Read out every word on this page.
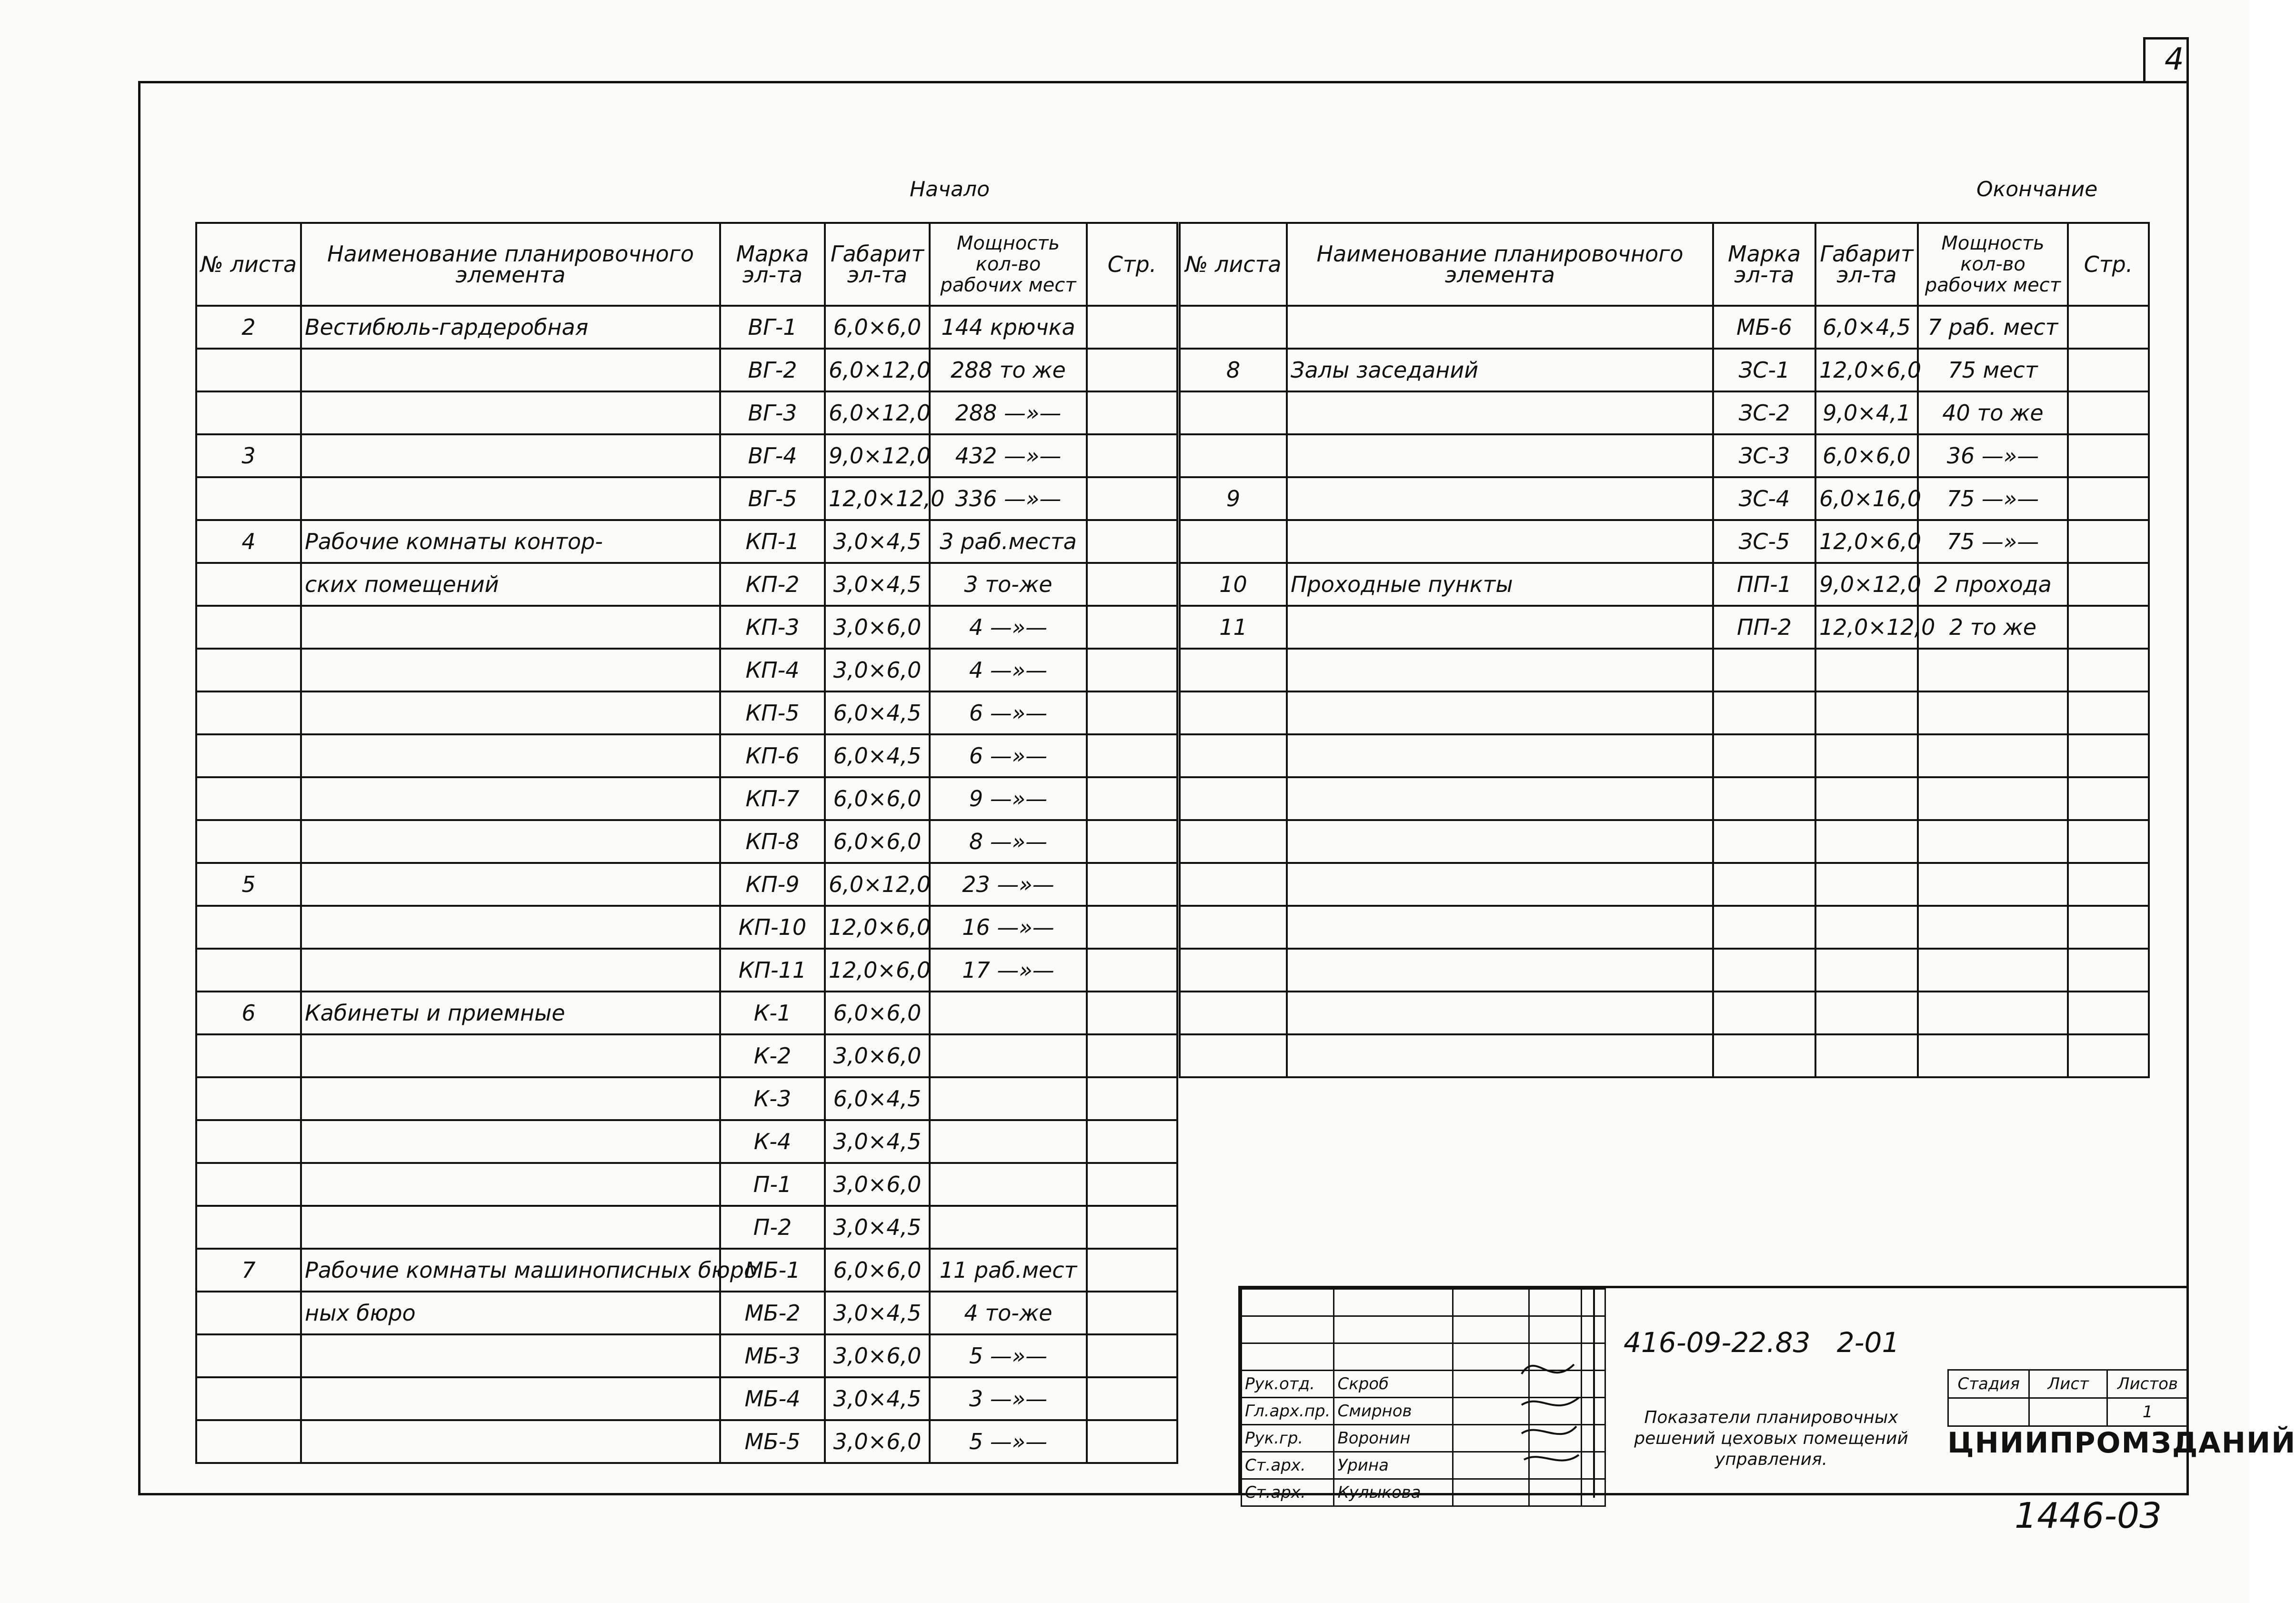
4
Начало	Окончание
№ листа	Наименование планировочного элемента	Марка эл-та	Габарит эл-та	Мощность кол-во рабочих мест	Стр.
2	Вестибюль-гардеробная	ВГ-1	6,0×6,0	144 крючка	
		ВГ-2	6,0×12,0	288 то же	
		ВГ-3	6,0×12,0	288 —»—	
3		ВГ-4	9,0×12,0	432 —»—	
		ВГ-5	12,0×12,0	336 —»—	
4	Рабочие комнаты контор-	КП-1	3,0×4,5	3 раб.места	
	ских помещений	КП-2	3,0×4,5	3 то-же	
		КП-3	3,0×6,0	4 —»—	
		КП-4	3,0×6,0	4 —»—	
		КП-5	6,0×4,5	6 —»—	
		КП-6	6,0×4,5	6 —»—	
		КП-7	6,0×6,0	9 —»—	
		КП-8	6,0×6,0	8 —»—	
5		КП-9	6,0×12,0	23 —»—	
		КП-10	12,0×6,0	16 —»—	
		КП-11	12,0×6,0	17 —»—	
6	Кабинеты и приемные	К-1	6,0×6,0		
		К-2	3,0×6,0		
		К-3	6,0×4,5		
		К-4	3,0×4,5		
		П-1	3,0×6,0		
		П-2	3,0×4,5		
7	Рабочие комнаты машинописных бюро	МБ-1	6,0×6,0	11 раб.мест	
	ных бюро	МБ-2	3,0×4,5	4 то-же	
		МБ-3	3,0×6,0	5 —»—	
		МБ-4	3,0×4,5	3 —»—	
		МБ-5	3,0×6,0	5 —»—	
№ листа	Наименование планировочного элемента	Марка эл-та	Габарит эл-та	Мощность кол-во рабочих мест	Стр.
		МБ-6	6,0×4,5	7 раб. мест	
8	Залы заседаний	ЗС-1	12,0×6,0	75 мест	
		ЗС-2	9,0×4,1	40 то же	
		ЗС-3	6,0×6,0	36 —»—	
9		ЗС-4	6,0×16,0	75 —»—	
		ЗС-5	12,0×6,0	75 —»—	
10	Проходные пункты	ПП-1	9,0×12,0	2 прохода	
11		ПП-2	12,0×12,0	2 то же	

Рук.отд.	Скроб			
Гл.арх.пр.	Смирнов			
Рук.гр.	Воронин			
Ст.арх.	Урина			
Ст.арх.	Кулыкова			
416-09-22.83 2-01
Показатели планировочных решений цеховых помещений управления.
Стадия	Лист	Листов
		1
ЦНИИПРОМЗДАНИЙ
1446-03
